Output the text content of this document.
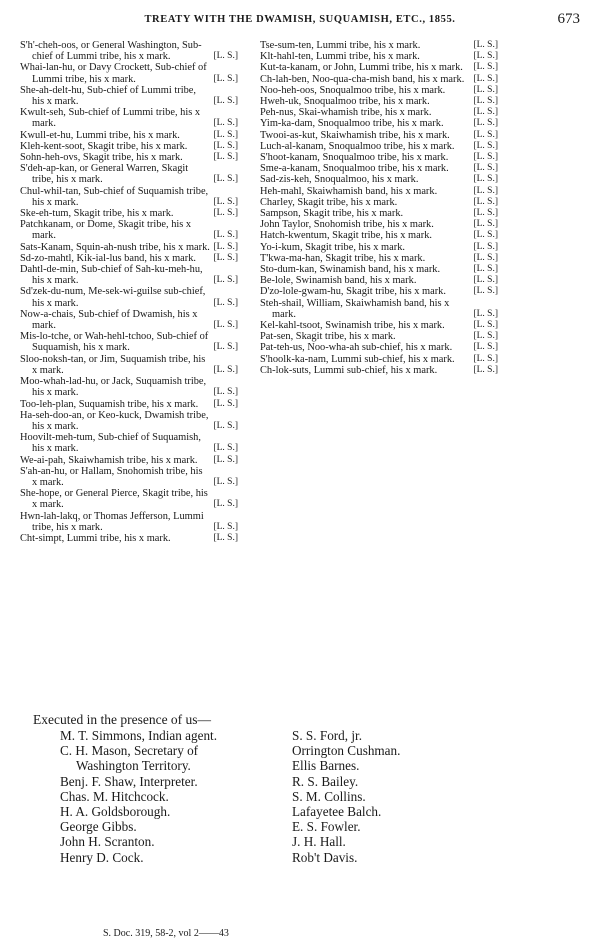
TREATY WITH THE DWAMISH, SUQUAMISH, ETC., 1855.	673

S'h'-cheh-oos, or General Washington, Sub-chief of Lummi tribe, his x mark.	[L. S.]

Whai-lan-hu, or Davy Crockett, Sub-chief of Lummi tribe, his x mark.	[L. S.]

She-ah-delt-hu, Sub-chief of Lummi tribe, his x mark.	[L. S.]

Kwult-seh, Sub-chief of Lummi tribe, his x mark.	[L. S.]

Kwull-et-hu, Lummi tribe, his x mark.	[L. S.]

Kleh-kent-soot, Skagit tribe, his x mark.	[L. S.]

Sohn-heh-ovs, Skagit tribe, his x mark.	[L. S.]

S'deh-ap-kan, or General Warren, Skagit tribe, his x mark.	[L. S.]

Chul-whil-tan, Sub-chief of Suquamish tribe, his x mark.	[L. S.]

Ske-eh-tum, Skagit tribe, his x mark.	[L. S.]

Patchkanam, or Dome, Skagit tribe, his x mark.	[L. S.]

Sats-Kanam, Squin-ah-nush tribe, his x mark. [L. S.]

Sd-zo-mahtl, Kik-ial-lus band, his x mark. [L. S.]

Dahtl-de-min, Sub-chief of Sah-ku-meh-hu, his x mark.	[L. S.]

Sd'zek-du-num, Me-sek-wi-guilse sub-chief, his x mark.	[L. S.]

Now-a-chais, Sub-chief of Dwamish, his x mark.	[L. S.]

Mis-lo-tche, or Wah-hehl-tchoo, Sub-chief of Suquamish, his x mark.	[L. S.]

Sloo-noksh-tan, or Jim, Suquamish tribe, his x mark.	[L. S.]

Moo-whah-lad-hu, or Jack, Suquamish tribe, his x mark.	[L. S.]

Too-leh-plan, Suquamish tribe, his x mark. [L. S.]

Ha-seh-doo-an, or Keo-kuck, Dwamish tribe, his x mark.	[L. S.]

Hoovilt-meh-tum, Sub-chief of Suquamish, his x mark.	[L. S.]

We-ai-pah, Skaiwhamish tribe, his x mark. [L. S.]

S'ah-an-hu, or Hallam, Snohomish tribe, his x mark.	[L. S.]

She-hope, or General Pierce, Skagit tribe, his x mark.	[L. S.]

Hwn-lah-lakq, or Thomas Jefferson, Lummi tribe, his x mark.	[L. S.]

Cht-simpt, Lummi tribe, his x mark.	[L. S.]

Tse-sum-ten, Lummi tribe, his x mark.	[L. S.]

Klt-hahl-ten, Lummi tribe, his x mark.	[L. S.]

Kut-ta-kanam, or John, Lummi tribe, his x mark. [L. S.]

Ch-lah-ben, Noo-qua-cha-mish band, his x mark. [L. S.]

Noo-heh-oos, Snoqualmoo tribe, his x mark.	[L. S.]

Hweh-uk, Snoqualmoo tribe, his x mark.	[L. S.]

Peh-nus, Skai-whamish tribe, his x mark.	[L. S.]

Yim-ka-dam, Snoqualmoo tribe, his x mark.	[L. S.]

Twooi-as-kut, Skaiwhamish tribe, his x mark. [L. S.]

Luch-al-kanam, Snoqualmoo tribe, his x mark. [L. S.]

S'hoot-kanam, Snoqualmoo tribe, his x mark.	[L. S.]

Sme-a-kanam, Snoqualmoo tribe, his x mark.	[L. S.]

Sad-zis-keh, Snoqualmoo, his x mark.	[L. S.]

Heh-mahl, Skaiwhamish band, his x mark.	[L. S.]

Charley, Skagit tribe, his x mark.	[L. S.]

Sampson, Skagit tribe, his x mark.	[L. S.]

John Taylor, Snohomish tribe, his x mark.	[L. S.]

Hatch-kwentum, Skagit tribe, his x mark.	[L. S.]

Yo-i-kum, Skagit tribe, his x mark.	[L. S.]

T'kwa-ma-han, Skagit tribe, his x mark.	[L. S.]

Sto-dum-kan, Swinamish band, his x mark.	[L. S.]

Be-lole, Swinamish band, his x mark.	[L. S.]

D'zo-lole-gwam-hu, Skagit tribe, his x mark.	[L. S.]

Steh-shail, William, Skaiwhamish band, his x mark.	[L. S.]

Kel-kahl-tsoot, Swinamish tribe, his x mark.	[L. S.]

Pat-sen, Skagit tribe, his x mark.	[L. S.]

Pat-teh-us, Noo-wha-ah sub-chief, his x mark. [L. S.]

S'hoolk-ka-nam, Lummi sub-chief, his x mark. [L. S.]

Ch-lok-suts, Lummi sub-chief, his x mark.	[L. S.]

Executed in the presence of us—

M. T. Simmons, Indian agent.

C. H. Mason, Secretary of Washington Territory.

Benj. F. Shaw, Interpreter.

Chas. M. Hitchcock.

H. A. Goldsborough.

George Gibbs.

John H. Scranton.

Henry D. Cock.

S. S. Ford, jr.

Orrington Cushman.

Ellis Barnes.

R. S. Bailey.

S. M. Collins.

Lafayetee Balch.

E. S. Fowler.

J. H. Hall.

Rob't Davis.

S. Doc. 319, 58-2, vol 2——43
